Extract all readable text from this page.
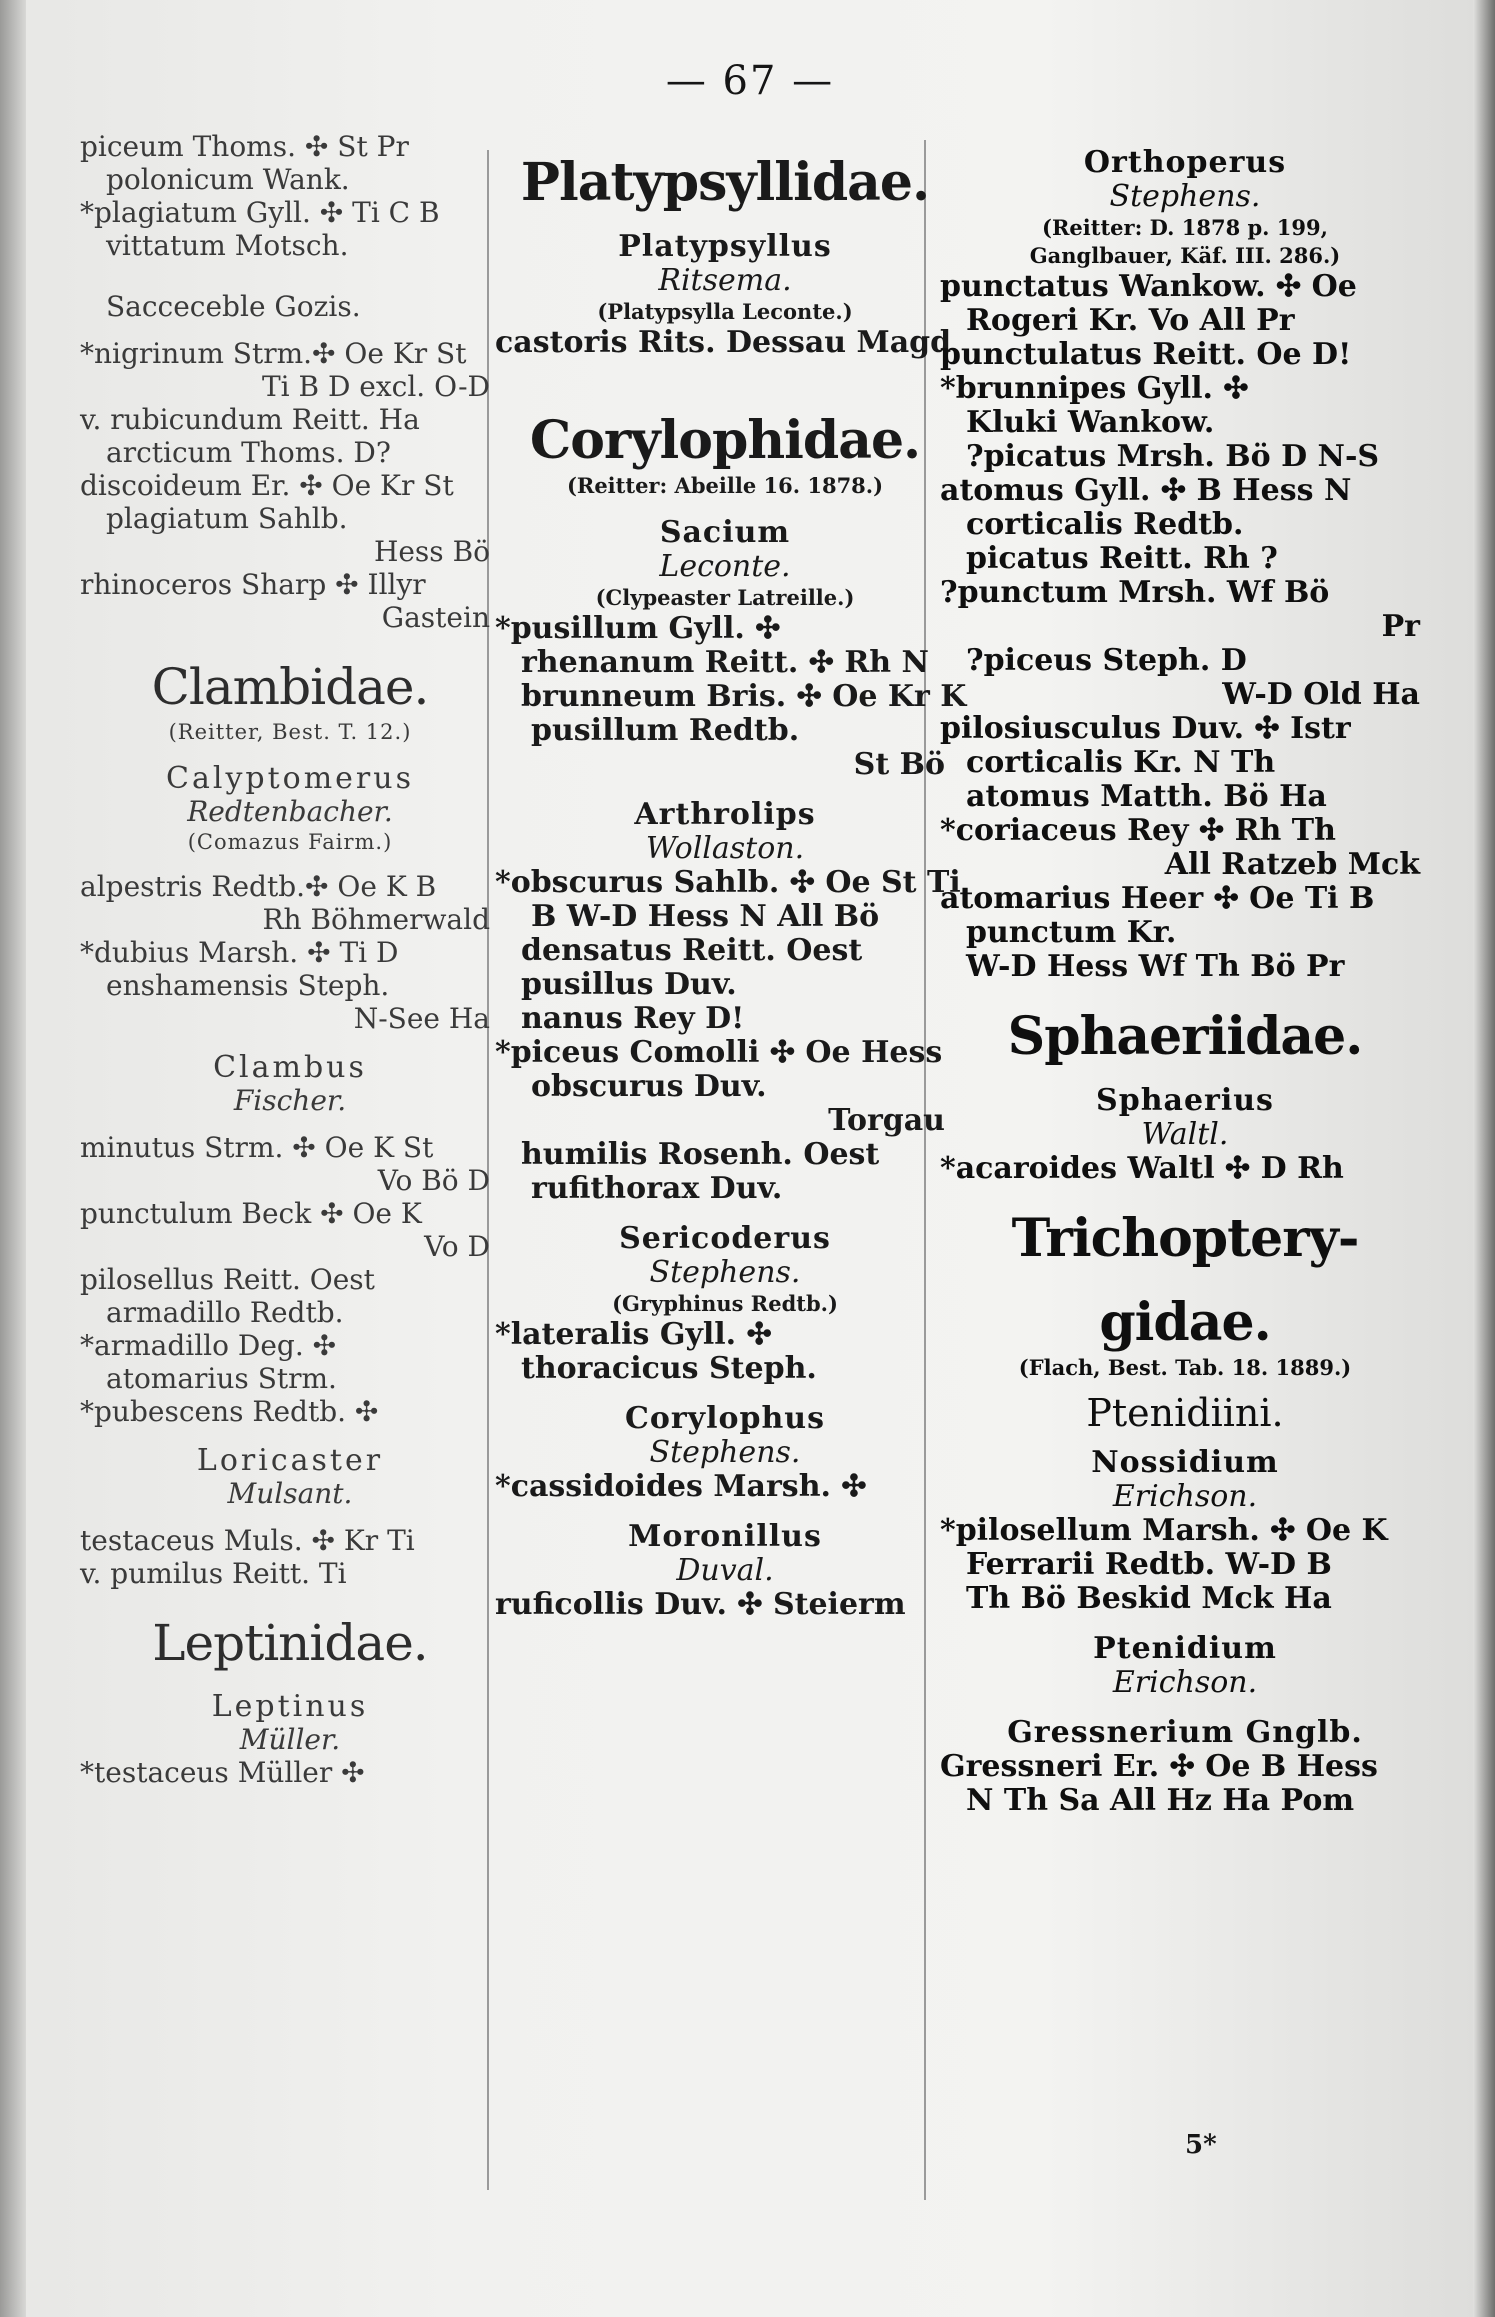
— 67 —
piceum Thoms. ✣ St Pr
polonicum Wank.
*plagiatum Gyll. ✣ Ti C B
vittatum Motsch.
Sacceceble Gozis.
*nigrinum Strm.✣ Oe Kr St
Ti B D excl. O-D
v. rubicundum Reitt. Ha
arcticum Thoms. D?
discoideum Er. ✣ Oe Kr St
plagiatum Sahlb.
Hess Bö
rhinoceros Sharp ✣ Illyr
Gastein
Clambidae.
(Reitter, Best. T. 12.)
Calyptomerus
Redtenbacher.
(Comazus Fairm.)
alpestris Redtb.✣ Oe K B
Rh Böhmerwald
*dubius Marsh. ✣ Ti D
enshamensis Steph.
N-See Ha
Clambus
Fischer.
minutus Strm. ✣ Oe K St
Vo Bö D
punctulum Beck ✣ Oe K
Vo D
pilosellus Reitt. Oest
armadillo Redtb.
*armadillo Deg. ✣
atomarius Strm.
*pubescens Redtb. ✣
Loricaster
Mulsant.
testaceus Muls. ✣ Kr Ti
v. pumilus Reitt. Ti
Leptinidae.
Leptinus
Müller.
*testaceus Müller ✣
Platypsyllidae.
Platypsyllus
Ritsema.
(Platypsylla Leconte.)
castoris Rits. Dessau Magd
Corylophidae.
(Reitter: Abeille 16. 1878.)
Sacium
Leconte.
(Clypeaster Latreille.)
*pusillum Gyll. ✣
rhenanum Reitt. ✣ Rh N
brunneum Bris. ✣ Oe Kr K
pusillum Redtb.
St Bö
Arthrolips
Wollaston.
*obscurus Sahlb. ✣ Oe St Ti
B W-D Hess N All Bö
densatus Reitt. Oest
pusillus Duv.
nanus Rey D!
*piceus Comolli ✣ Oe Hess
obscurus Duv.
Torgau
humilis Rosenh. Oest
rufithorax Duv.
Sericoderus
Stephens.
(Gryphinus Redtb.)
*lateralis Gyll. ✣
thoracicus Steph.
Corylophus
Stephens.
*cassidoides Marsh. ✣
Moronillus
Duval.
ruficollis Duv. ✣ Steierm
Orthoperus
Stephens.
(Reitter: D. 1878 p. 199,
Ganglbauer, Käf. III. 286.)
punctatus Wankow. ✣ Oe
Rogeri Kr. Vo All Pr
punctulatus Reitt. Oe D!
*brunnipes Gyll. ✣
Kluki Wankow.
?picatus Mrsh. Bö D N-S
atomus Gyll. ✣ B Hess N
corticalis Redtb.
picatus Reitt. Rh ?
?punctum Mrsh. Wf Bö
Pr
?piceus Steph. D
W-D Old Ha
pilosiusculus Duv. ✣ Istr
corticalis Kr. N Th
atomus Matth. Bö Ha
*coriaceus Rey ✣ Rh Th
All Ratzeb Mck
atomarius Heer ✣ Oe Ti B
punctum Kr.
W-D Hess Wf Th Bö Pr
Sphaeriidae.
Sphaerius
Waltl.
*acaroides Waltl ✣ D Rh
Trichoptery-
gidae.
(Flach, Best. Tab. 18. 1889.)
Ptenidiini.
Nossidium
Erichson.
*pilosellum Marsh. ✣ Oe K
Ferrarii Redtb. W-D B
Th Bö Beskid Mck Ha
Ptenidium
Erichson.
Gressnerium Gnglb.
Gressneri Er. ✣ Oe B Hess
N Th Sa All Hz Ha Pom
5*
